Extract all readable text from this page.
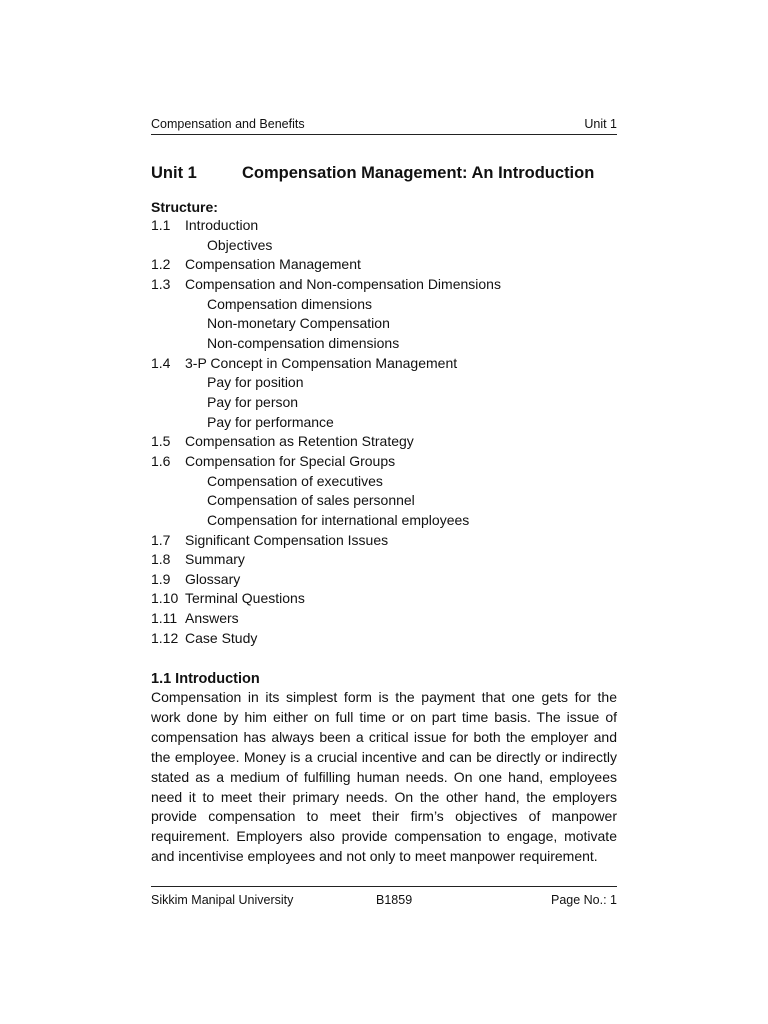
Compensation and Benefits	Unit 1
Unit 1	Compensation Management: An Introduction
Structure:
1.1	Introduction
Objectives
1.2	Compensation Management
1.3	Compensation and Non-compensation Dimensions
Compensation dimensions
Non-monetary Compensation
Non-compensation dimensions
1.4	3-P Concept in Compensation Management
Pay for position
Pay for person
Pay for performance
1.5	Compensation as Retention Strategy
1.6	Compensation for Special Groups
Compensation of executives
Compensation of sales personnel
Compensation for international employees
1.7	Significant Compensation Issues
1.8	Summary
1.9	Glossary
1.10 Terminal Questions
1.11 Answers
1.12 Case Study
1.1 Introduction
Compensation in its simplest form is the payment that one gets for the work done by him either on full time or on part time basis. The issue of compensation has always been a critical issue for both the employer and the employee. Money is a crucial incentive and can be directly or indirectly stated as a medium of fulfilling human needs. On one hand, employees need it to meet their primary needs. On the other hand, the employers provide compensation to meet their firm’s objectives of manpower requirement. Employers also provide compensation to engage, motivate and incentivise employees and not only to meet manpower requirement.
Sikkim Manipal University	B1859	Page No.: 1
